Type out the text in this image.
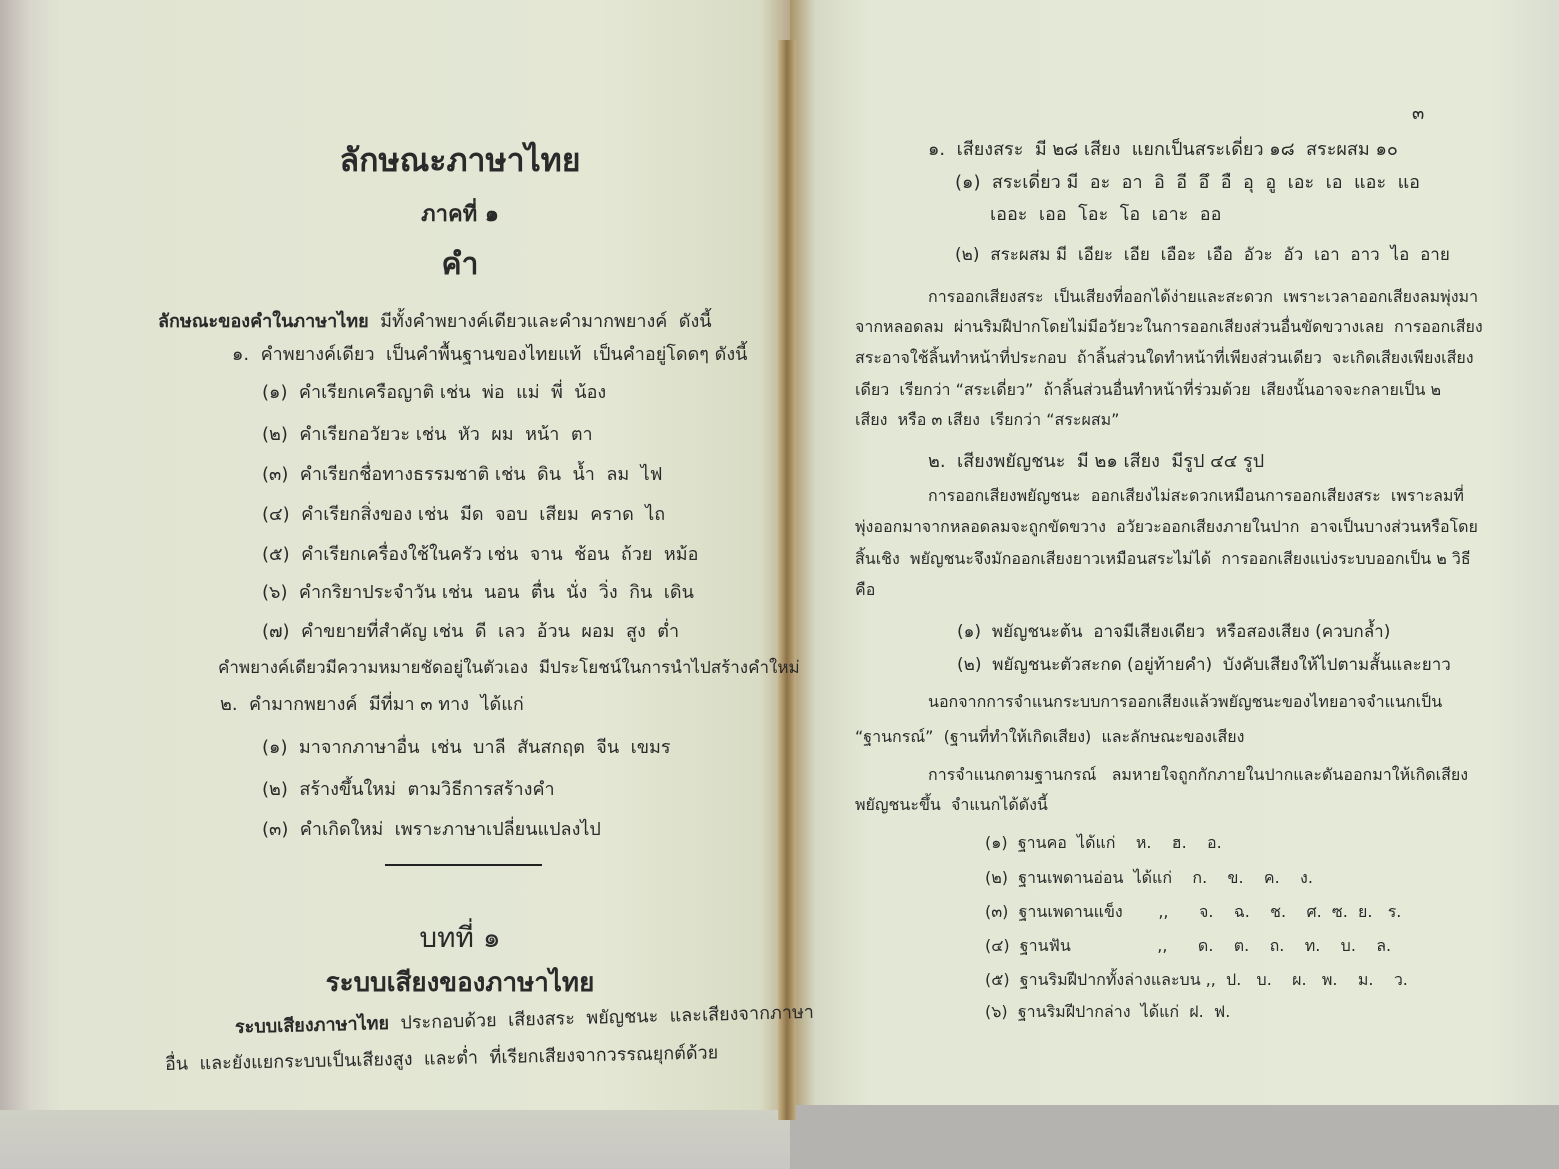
ลักษณะภาษาไทย
ภาคที่ ๑
คำ
ลักษณะของคำในภาษาไทย  มีทั้งคำพยางค์เดียวและคำมากพยางค์  ดังนี้
๑.  คำพยางค์เดียว  เป็นคำพื้นฐานของไทยแท้  เป็นคำอยู่โดดๆ ดังนี้
(๑)  คำเรียกเครือญาติ เช่น  พ่อ  แม่  พี่  น้อง
(๒)  คำเรียกอวัยวะ เช่น  หัว  ผม  หน้า  ตา
(๓)  คำเรียกชื่อทางธรรมชาติ เช่น  ดิน  น้ำ  ลม  ไฟ
(๔)  คำเรียกสิ่งของ เช่น  มีด  จอบ  เสียม  คราด  ไถ
(๕)  คำเรียกเครื่องใช้ในครัว เช่น  จาน  ช้อน  ถ้วย  หม้อ
(๖)  คำกริยาประจำวัน เช่น  นอน  ตื่น  นั่ง  วิ่ง  กิน  เดิน
(๗)  คำขยายที่สำคัญ เช่น  ดี  เลว  อ้วน  ผอม  สูง  ต่ำ
คำพยางค์เดียวมีความหมายชัดอยู่ในตัวเอง  มีประโยชน์ในการนำไปสร้างคำใหม่
๒.  คำมากพยางค์  มีที่มา ๓ ทาง  ได้แก่
(๑)  มาจากภาษาอื่น  เช่น  บาลี  สันสกฤต  จีน  เขมร
(๒)  สร้างขึ้นใหม่  ตามวิธีการสร้างคำ
(๓)  คำเกิดใหม่  เพราะภาษาเปลี่ยนแปลงไป
บทที่ ๑
ระบบเสียงของภาษาไทย
ระบบเสียงภาษาไทย  ประกอบด้วย  เสียงสระ  พยัญชนะ  และเสียงจากภาษา
อื่น  และยังแยกระบบเป็นเสียงสูง  และต่ำ  ที่เรียกเสียงจากวรรณยุกต์ด้วย
๓
๑.  เสียงสระ  มี ๒๘ เสียง  แยกเป็นสระเดี่ยว ๑๘  สระผสม ๑๐
(๑)  สระเดี่ยว มี  อะ  อา  อิ  อี  อึ  อื  อุ  อู  เอะ  เอ  แอะ  แอ
เออะ  เออ  โอะ  โอ  เอาะ  ออ
(๒)  สระผสม มี  เอียะ  เอีย  เอือะ  เอือ  อัวะ  อัว  เอา  อาว  ไอ  อาย
การออกเสียงสระ  เป็นเสียงที่ออกได้ง่ายและสะดวก  เพราะเวลาออกเสียงลมพุ่งมา
จากหลอดลม  ผ่านริมฝีปากโดยไม่มีอวัยวะในการออกเสียงส่วนอื่นขัดขวางเลย  การออกเสียง
สระอาจใช้ลิ้นทำหน้าที่ประกอบ  ถ้าลิ้นส่วนใดทำหน้าที่เพียงส่วนเดียว  จะเกิดเสียงเพียงเสียง
เดียว  เรียกว่า “สระเดี่ยว”  ถ้าลิ้นส่วนอื่นทำหน้าที่ร่วมด้วย  เสียงนั้นอาจจะกลายเป็น ๒
เสียง  หรือ ๓ เสียง  เรียกว่า “สระผสม”
๒.  เสียงพยัญชนะ  มี ๒๑ เสียง  มีรูป ๔๔ รูป
การออกเสียงพยัญชนะ  ออกเสียงไม่สะดวกเหมือนการออกเสียงสระ  เพราะลมที่
พุ่งออกมาจากหลอดลมจะถูกขัดขวาง  อวัยวะออกเสียงภายในปาก  อาจเป็นบางส่วนหรือโดย
สิ้นเชิง  พยัญชนะจึงมักออกเสียงยาวเหมือนสระไม่ได้  การออกเสียงแบ่งระบบออกเป็น ๒ วิธี
คือ
(๑)  พยัญชนะต้น  อาจมีเสียงเดียว  หรือสองเสียง (ควบกล้ำ)
(๒)  พยัญชนะตัวสะกด (อยู่ท้ายคำ)  บังคับเสียงให้ไปตามสั้นและยาว
นอกจากการจำแนกระบบการออกเสียงแล้วพยัญชนะของไทยอาจจำแนกเป็น
“ฐานกรณ์”  (ฐานที่ทำให้เกิดเสียง)  และลักษณะของเสียง
การจำแนกตามฐานกรณ์   ลมหายใจถูกกักภายในปากและดันออกมาให้เกิดเสียง
พยัญชนะขึ้น  จำแนกได้ดังนี้
(๑)  ฐานคอ  ได้แก่    ห.    ฮ.    อ.
(๒)  ฐานเพดานอ่อน  ได้แก่    ก.    ข.    ค.    ง.
(๓)  ฐานเพดานแข็ง       ,,      จ.    ฉ.    ช.    ศ.  ซ.  ย.   ร.
(๔)  ฐานฟัน                 ,,      ด.    ต.    ถ.    ท.    บ.    ล.
(๕)  ฐานริมฝีปากทั้งล่างและบน ,,  ป.   บ.    ผ.   พ.    ม.    ว.
(๖)  ฐานริมฝีปากล่าง  ได้แก่  ฝ.  ฟ.
